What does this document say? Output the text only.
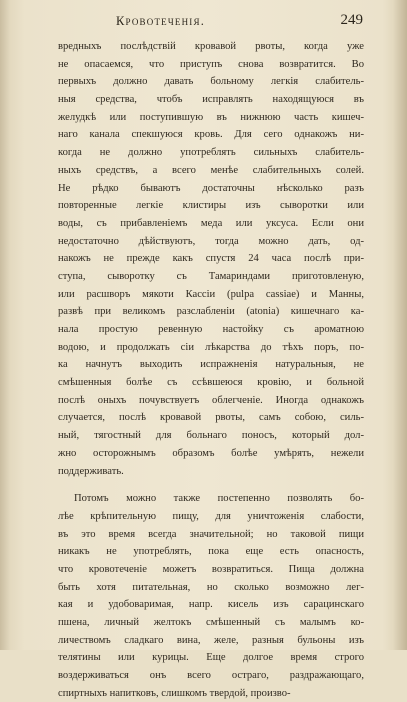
Кровотеченія.	249
вредныхъ послѣдствій кровавой рвоты, когда уже
не опасаемся, что приступъ снова возвратится. Во
первыхъ должно давать больному легкія слабитель-
ныя средства, чтобъ исправлять находящуюся въ
желудкѣ или поступившую въ нижнюю часть кишеч-
наго канала спекшуюся кровь. Для сего однакожъ ни-
когда не должно употреблять сильныхъ слабитель-
ныхъ средствъ, а всего менѣе слабительныхъ солей.
Не рѣдко бываютъ достаточны нѣсколько разъ
повторенные легкіе клистиры изъ сыворотки или
воды, съ прибавленіемъ меда или уксуса. Если они
недостаточно дѣйствуютъ, тогда можно дать, од-
накожъ не прежде какъ спустя 24 часа послѣ при-
ступа, сыворотку съ Тамариндами приготовленую,
или расшворъ мякоти Кассіи (pulpa cassiae) и Манны,
развѣ при великомъ разслабленіи (atonia) кишечнаго ка-
нала простую ревенную настойку съ ароматною
водою, и продолжать сіи лѣкарства до тѣхъ поръ, по-
ка начнутъ выходить испражненія натуральныя, не
смѣшенныя болѣе съ ссѣвшеюся кровію, и больной
послѣ оныхъ почувствуетъ облегченіе. Иногда однакожъ
случается, послѣ кровавой рвоты, самъ собою, силь-
ный, тягостный для больнаго поносъ, который дол-
жно осторожнымъ образомъ болѣе умѣрять, нежели
поддерживать.
Потомъ можно также постепенно позволять бо-
лѣе крѣпительную пищу, для уничтоженія слабости,
въ это время всегда значительной; но таковой пищи
никакъ не употреблять, пока еще есть опасность,
что кровотеченіе можетъ возвратиться. Пища должна
быть хотя питательная, но сколько возможно лег-
кая и удобоваримая, напр. кисель изъ сарацинскаго
пшена, личный желтокъ смѣшенный съ малымъ ко-
личествомъ сладкаго вина, желе, разныя бульоны изъ
телятины или курицы. Еще долгое время строго
воздерживаться онъ всего остраго, раздражающаго,
спиртныхъ напитковъ, слишкомъ твердой, произво-
